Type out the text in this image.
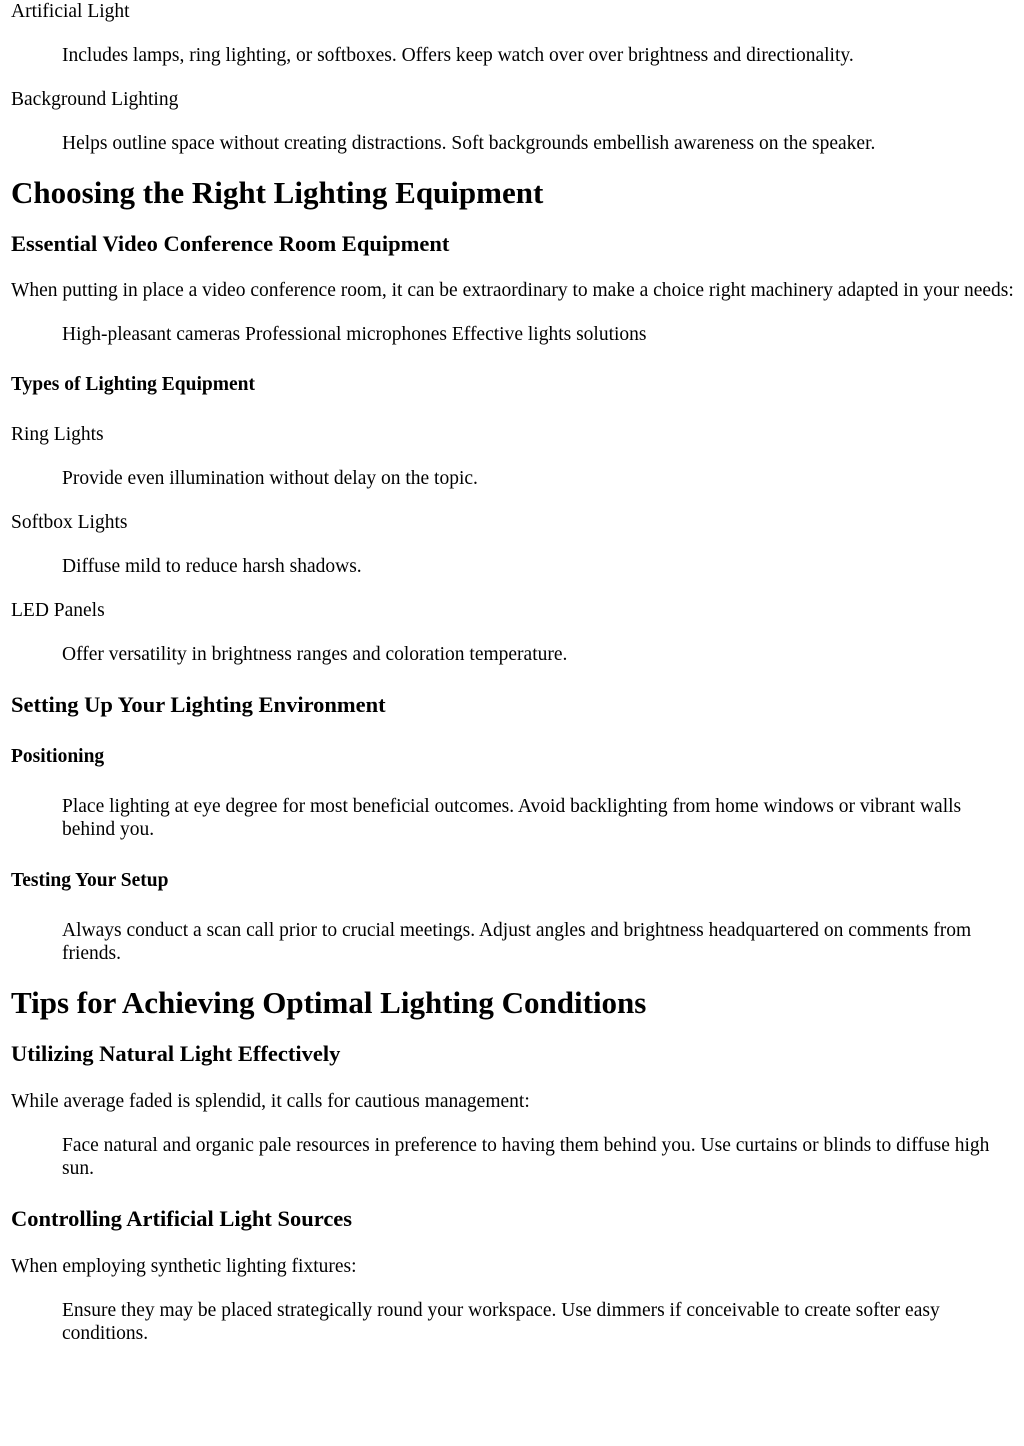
Artificial Light

Includes lamps, ring lighting, or softboxes. Offers keep watch over over brightness and directionality.

Background Lighting

Helps outline space without creating distractions. Soft backgrounds embellish awareness on the speaker.

Choosing the Right Lighting Equipment
Essential Video Conference Room Equipment

When putting in place a video conference room, it can be extraordinary to make a choice right machinery adapted in your needs:

High-pleasant cameras Professional microphones Effective lights solutions

Types of Lighting Equipment

Ring Lights

Provide even illumination without delay on the topic.

Softbox Lights

Diffuse mild to reduce harsh shadows.

LED Panels

Offer versatility in brightness ranges and coloration temperature.

Setting Up Your Lighting Environment
Positioning

Place lighting at eye degree for most beneficial outcomes. Avoid backlighting from home windows or vibrant walls behind you.

Testing Your Setup

Always conduct a scan call prior to crucial meetings. Adjust angles and brightness headquartered on comments from friends.

Tips for Achieving Optimal Lighting Conditions
Utilizing Natural Light Effectively

While average faded is splendid, it calls for cautious management:

Face natural and organic pale resources in preference to having them behind you. Use curtains or blinds to diffuse high sun.

Controlling Artificial Light Sources

When employing synthetic lighting fixtures:

Ensure they may be placed strategically round your workspace. Use dimmers if conceivable to create softer easy conditions.
